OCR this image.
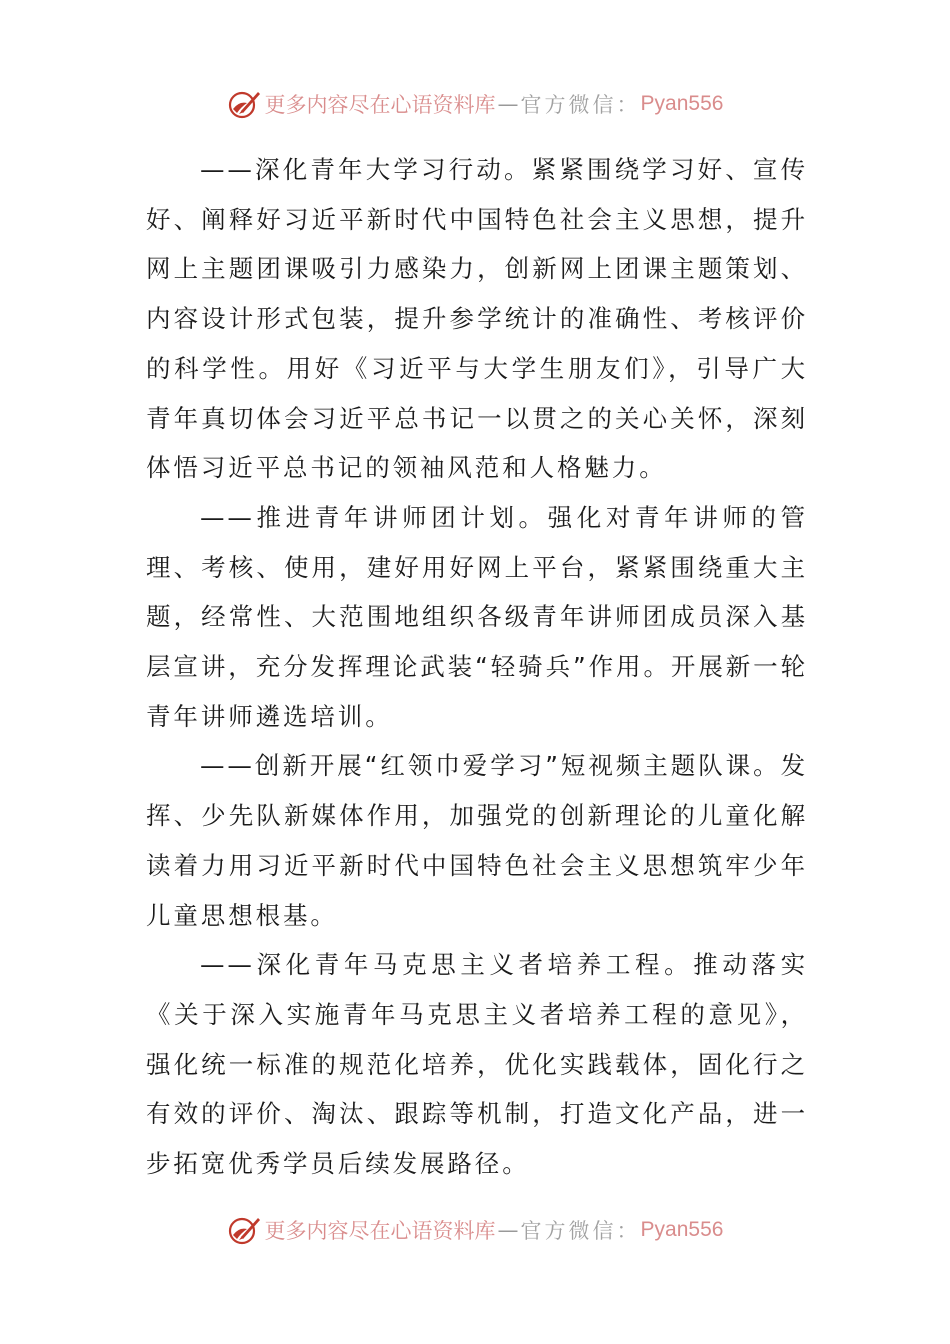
更多内容尽在心语资料库 — 官方微信： Pyan556

——深化青年大学习行动。紧紧围绕学习好、宣传好、阐释好习近平新时代中国特色社会主义思想，提升网上主题团课吸引力感染力，创新网上团课主题策划、内容设计形式包装，提升参学统计的准确性、考核评价的科学性。用好《习近平与大学生朋友们》，引导广大青年真切体会习近平总书记一以贯之的关心关怀，深刻体悟习近平总书记的领袖风范和人格魅力。

——推进青年讲师团计划。强化对青年讲师的管理、考核、使用，建好用好网上平台，紧紧围绕重大主题，经常性、大范围地组织各级青年讲师团成员深入基层宣讲，充分发挥理论武装“轻骑兵”作用。开展新一轮青年讲师遴选培训。

——创新开展“红领巾爱学习”短视频主题队课。发挥、少先队新媒体作用，加强党的创新理论的儿童化解读着力用习近平新时代中国特色社会主义思想筑牢少年儿童思想根基。

——深化青年马克思主义者培养工程。推动落实《关于深入实施青年马克思主义者培养工程的意见》，强化统一标准的规范化培养，优化实践载体，固化行之有效的评价、淘汰、跟踪等机制，打造文化产品，进一步拓宽优秀学员后续发展路径。

更多内容尽在心语资料库 — 官方微信： Pyan556
